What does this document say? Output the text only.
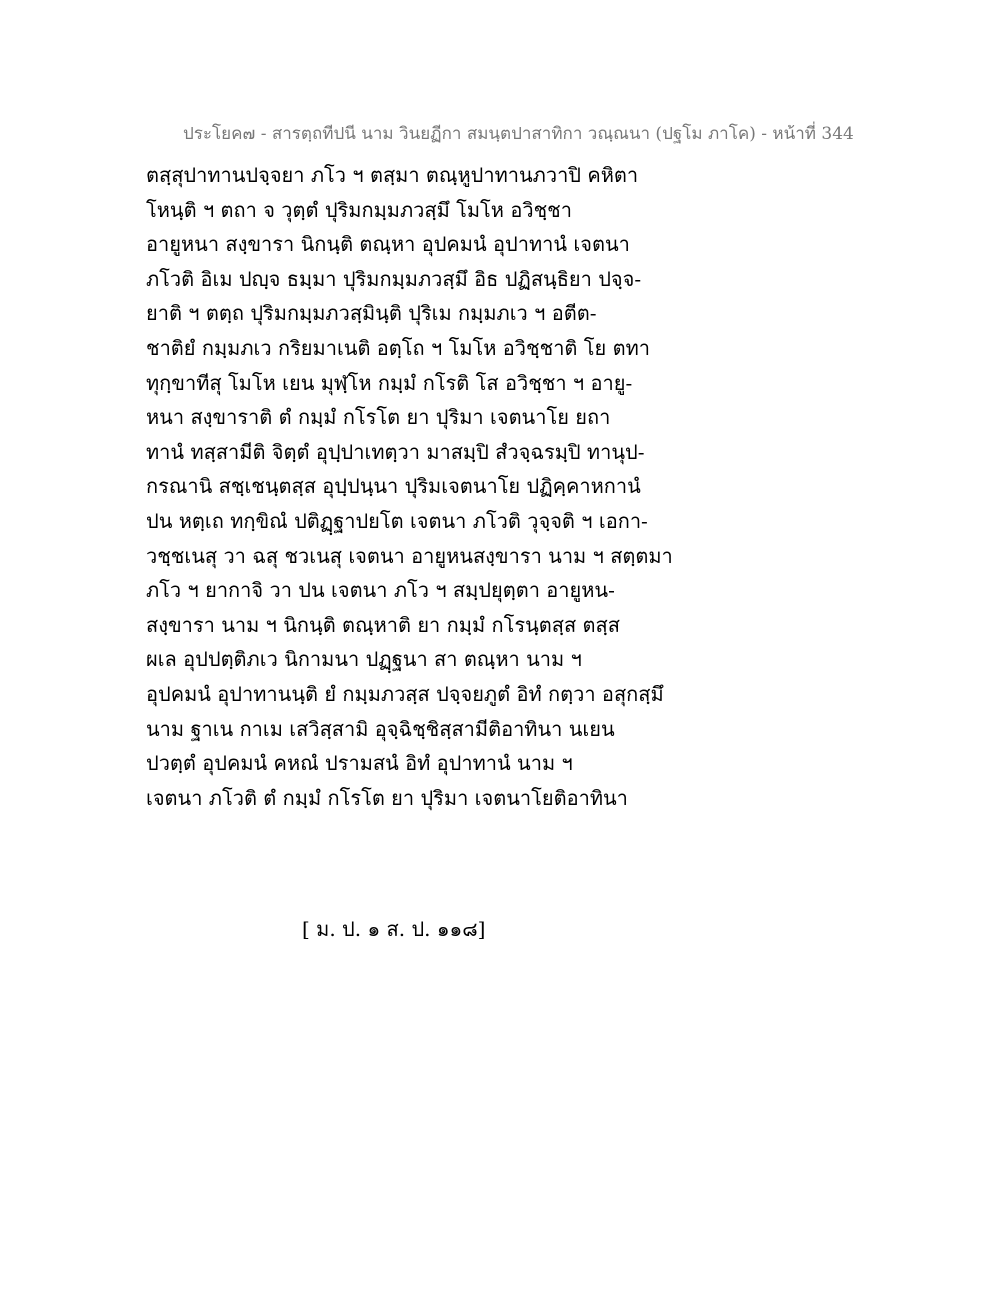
ประโยค๗ - สารตฺถทีปนี นาม วินยฏีกา สมนฺตปาสาทิกา วณฺณนา (ปฐโม ภาโค) - หน้าที่ 344
ตสฺสุปาทานปจฺจยา ภโว ฯ ตสฺมา ตณฺหูปาทานภวาปิ คหิตา
โหนฺติ ฯ ตถา จ วุตฺตํ ปุริมกมฺมภวสฺมึ โมโห อวิชฺชา
อายูหนา สงฺขารา นิกนฺติ ตณฺหา อุปคมนํ อุปาทานํ เจตนา
ภโวติ อิเม ปญฺจ ธมฺมา ปุริมกมฺมภวสฺมึ อิธ ปฏิสนฺธิยา ปจฺจ-
ยาติ ฯ ตตฺถ ปุริมกมฺมภวสฺมินฺติ ปุริเม กมฺมภเว ฯ อตีต-
ชาติยํ กมฺมภเว กริยมาเนติ อตฺโถ ฯ โมโห อวิชฺชาติ โย ตทา
ทุกฺขาทีสุ โมโห เยน มุฬฺโห กมฺมํ กโรติ โส อวิชฺชา ฯ อายู-
หนา สงฺขาราติ ตํ กมฺมํ กโรโต ยา ปุริมา เจตนาโย ยถา
ทานํ ทสฺสามีติ จิตฺตํ อุปฺปาเทตฺวา มาสมฺปิ สํวจฺฉรมฺปิ ทานุป-
กรณานิ สชฺเชนฺตสฺส อุปฺปนฺนา ปุริมเจตนาโย ปฏิคฺคาหกานํ
ปน หตฺเถ ทกฺขิณํ ปติฏฺฐาปยโต เจตนา ภโวติ วุจฺจติ ฯ เอกา-
วชฺชเนสุ วา ฉสุ ชวเนสุ เจตนา อายูหนสงฺขารา นาม ฯ สตฺตมา
ภโว ฯ ยากาจิ วา ปน เจตนา ภโว ฯ สมฺปยุตฺตา อายูหน-
สงฺขารา นาม ฯ นิกนฺติ ตณฺหาติ ยา กมฺมํ กโรนฺตสฺส ตสฺส
ผเล อุปปตฺติภเว นิกามนา ปฏฺฐนา สา ตณฺหา นาม ฯ
อุปคมนํ อุปาทานนฺติ ยํ กมฺมภวสฺส ปจฺจยภูตํ อิทํ กตฺวา อสุกสฺมึ
นาม ฐาเน กาเม เสวิสฺสามิ อุจฺฉิชฺชิสฺสามีติอาทินา นเยน
ปวตฺตํ อุปคมนํ คหณํ ปรามสนํ อิทํ อุปาทานํ นาม ฯ
เจตนา ภโวติ ตํ กมฺมํ กโรโต ยา ปุริมา เจตนาโยติอาทินา
[ ม. ป. ๑ ส. ป. ๑๑๘]
